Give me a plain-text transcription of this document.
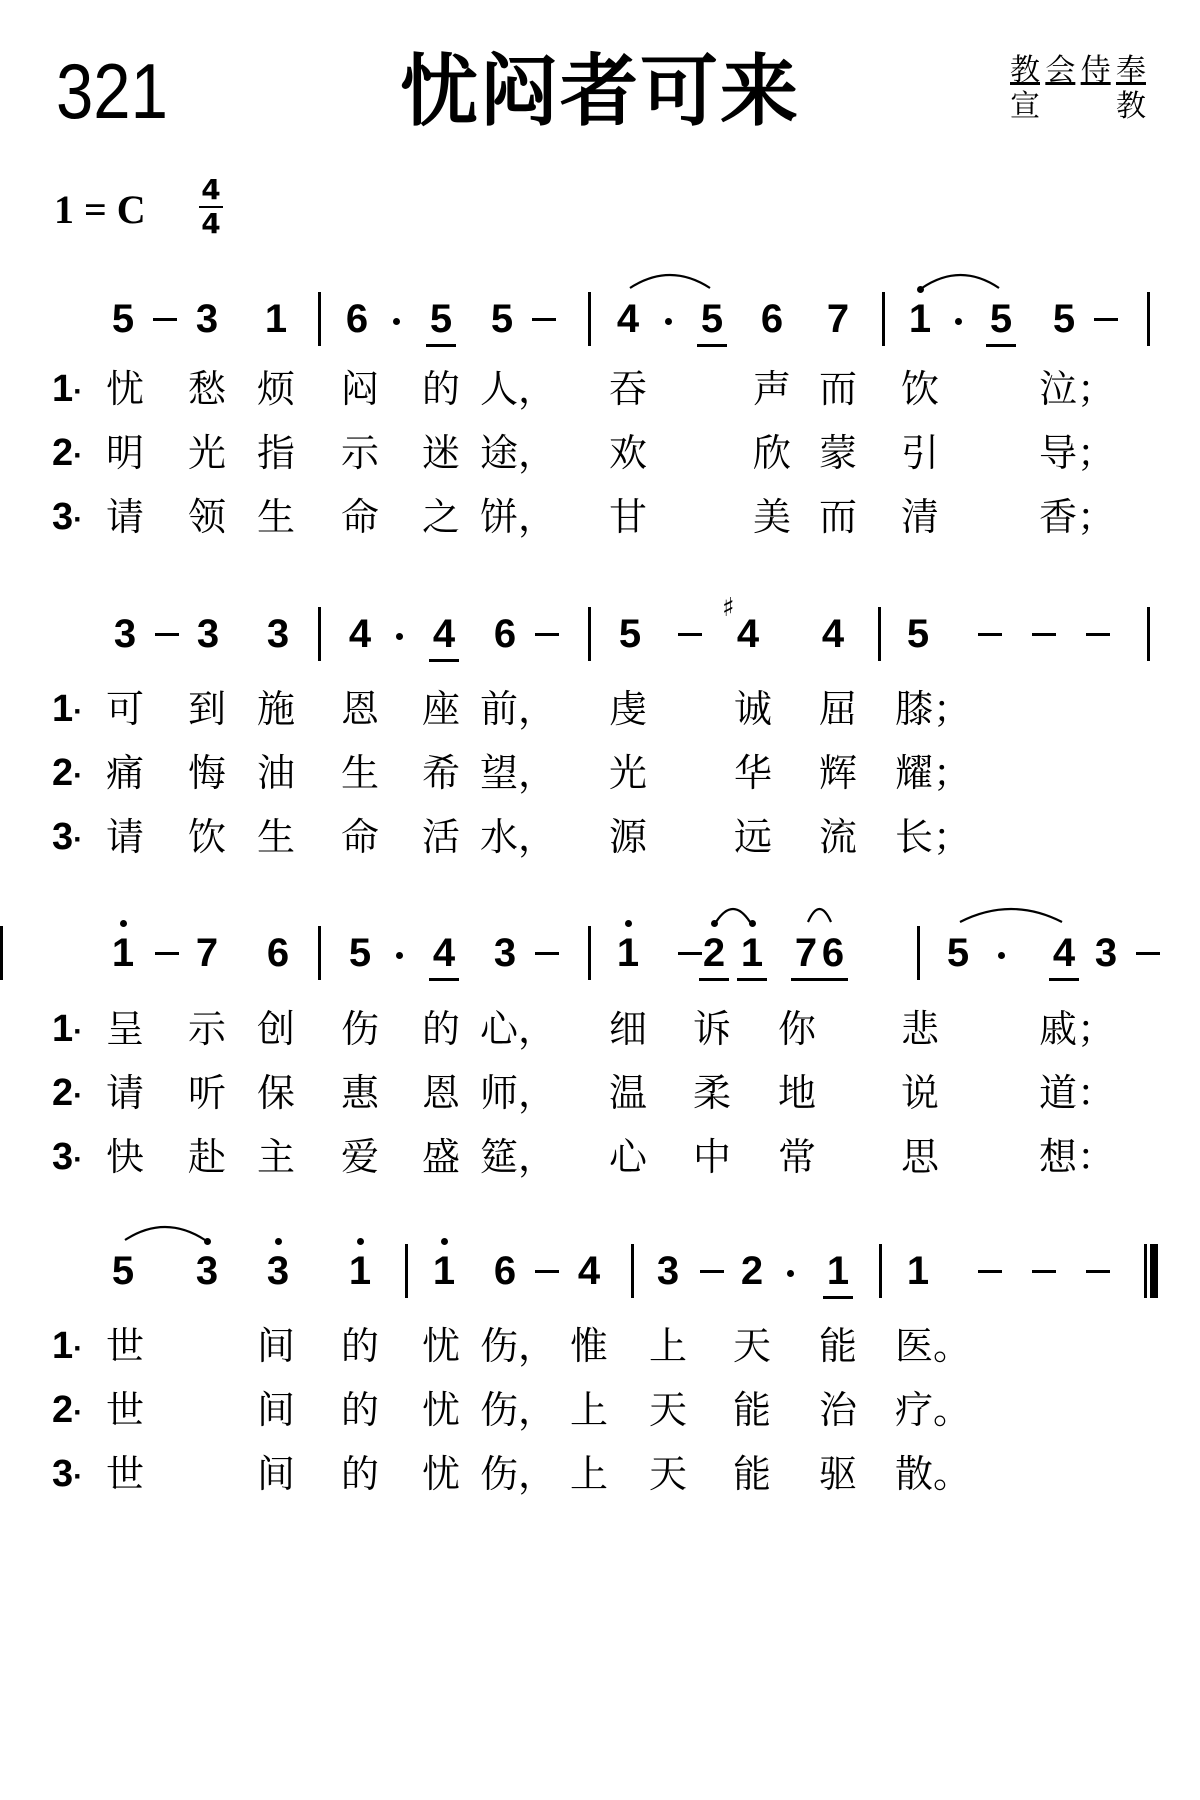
321	忧闷者可来	教 会 侍 奉
宣	教
1 = C 4
4
5 3 1 6 5 5	4 5 6 7 1 5 5
1· 忧 愁 烦 闷 的 人， 吞	声 而 饮	泣；
2· 明 光 指 示 迷 途， 欢	欣 蒙 引	导；
3· 请 领 生 命 之 饼， 甘	美 而 清	香；
3 3 3 4 4 6	5 4
♯
4 5
1· 可 到 施 恩 座 前， 虔 诚 屈 膝；
2· 痛 悔 油 生 希 望， 光 华 辉 耀；
3· 请 饮 生 命 活 水， 源 远 流 长；
1 7 6 5 4 3	1 2 1 7 6	5 4 3
1· 呈 示 创 伤 的 心， 细 诉 你 悲	戚；
2· 请 听 保 惠 恩 师， 温 柔 地 说	道：
3· 快 赴 主 爱 盛 筵， 心 中 常 思	想：
5 3 3 1 1 6 4 3 2 1 1
1· 世	间 的 忧 伤， 惟 上 天 能 医。
2· 世	间 的 忧 伤， 上 天 能 治 疗。
3· 世	间 的 忧 伤， 上 天 能 驱 散。
